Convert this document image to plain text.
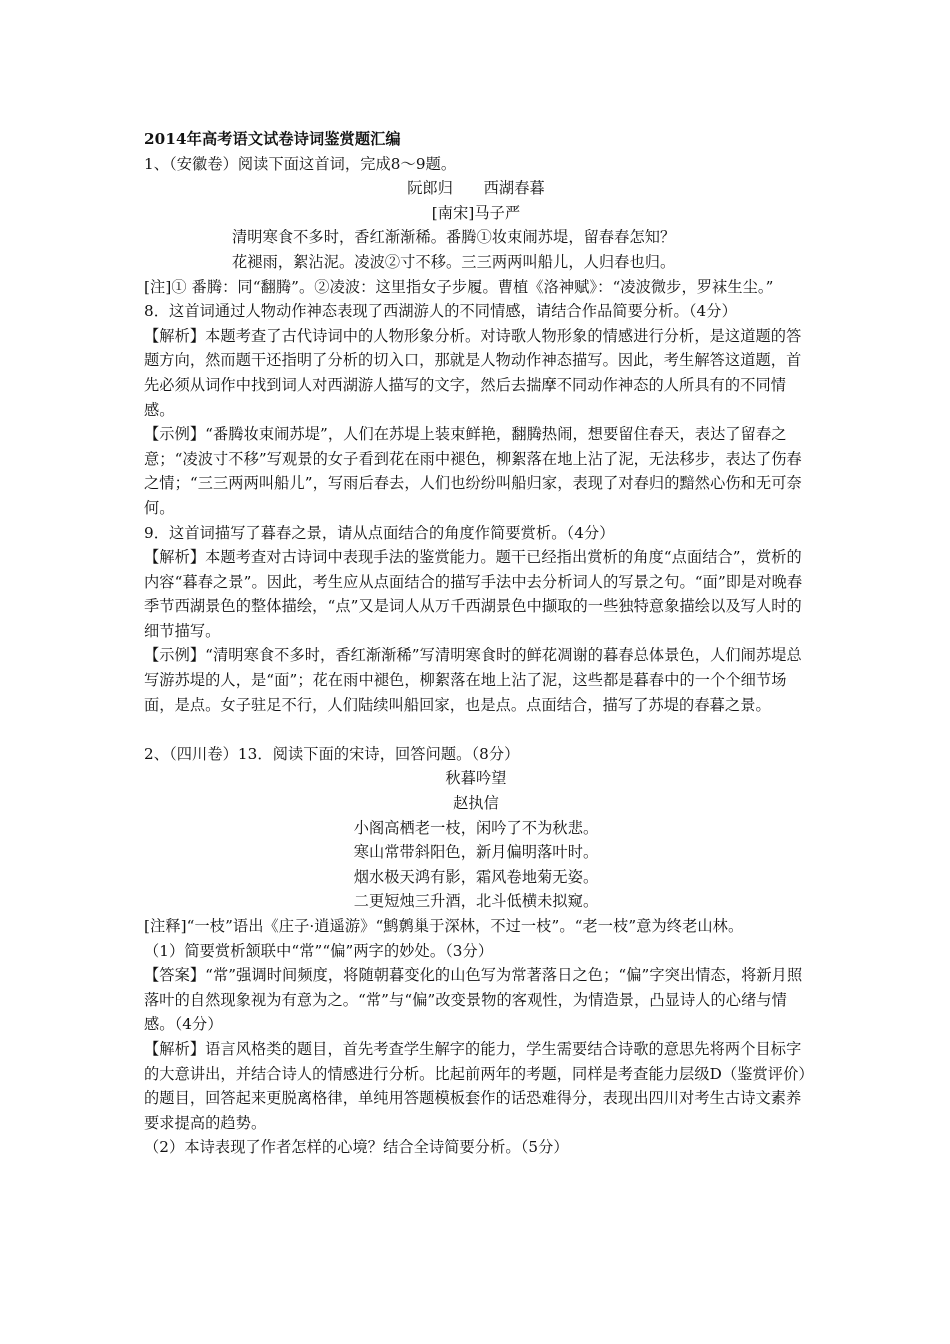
2014年高考语文试卷诗词鉴赏题汇编

1、（安徽卷）阅读下面这首词，完成8～9题。

阮郎归　　西湖春暮

[南宋]马子严

清明寒食不多时，香红渐渐稀。番腾①妆束闹苏堤，留春春怎知？

花褪雨，絮沾泥。凌波②寸不移。三三两两叫船儿，人归春也归。

[注]① 番腾：同“翻腾”。②凌波：这里指女子步履。曹植《洛神赋》：“凌波微步，罗袜生尘。”

8．这首词通过人物动作神态表现了西湖游人的不同情感，请结合作品简要分析。（4分）

【解析】本题考查了古代诗词中的人物形象分析。对诗歌人物形象的情感进行分析，是这道题的答题方向，然而题干还指明了分析的切入口，那就是人物动作神态描写。因此，考生解答这道题，首先必须从词作中找到词人对西湖游人描写的文字，然后去揣摩不同动作神态的人所具有的不同情感。

【示例】“番腾妆束闹苏堤”，人们在苏堤上装束鲜艳，翻腾热闹，想要留住春天，表达了留春之意；“凌波寸不移”写观景的女子看到花在雨中褪色，柳絮落在地上沾了泥，无法移步，表达了伤春之情；“三三两两叫船儿”，写雨后春去，人们也纷纷叫船归家，表现了对春归的黯然心伤和无可奈何。

9．这首词描写了暮春之景，请从点面结合的角度作简要赏析。（4分）

【解析】本题考查对古诗词中表现手法的鉴赏能力。题干已经指出赏析的角度“点面结合”，赏析的内容“暮春之景”。因此，考生应从点面结合的描写手法中去分析词人的写景之句。“面”即是对晚春季节西湖景色的整体描绘，“点”又是词人从万千西湖景色中撷取的一些独特意象描绘以及写人时的细节描写。

【示例】“清明寒食不多时，香红渐渐稀”写清明寒食时的鲜花凋谢的暮春总体景色，人们闹苏堤总写游苏堤的人，是“面”；花在雨中褪色，柳絮落在地上沾了泥，这些都是暮春中的一个个细节场面，是点。女子驻足不行，人们陆续叫船回家，也是点。点面结合，描写了苏堤的春暮之景。

2、（四川卷）13．阅读下面的宋诗，回答问题。（8分）

秋暮吟望

赵执信

小阁高栖老一枝，闲吟了不为秋悲。

寒山常带斜阳色，新月偏明落叶时。

烟水极天鸿有影，霜风卷地菊无姿。

二更短烛三升酒，北斗低横未拟窥。

[注释]“一枝”语出《庄子·逍遥游》“鹪鹩巢于深林，不过一枝”。“老一枝”意为终老山林。

（1）简要赏析颔联中“常”“偏”两字的妙处。（3分）

【答案】“常”强调时间频度，将随朝暮变化的山色写为常著落日之色；“偏”字突出情态，将新月照落叶的自然现象视为有意为之。“常”与“偏”改变景物的客观性，为情造景，凸显诗人的心绪与情感。（4分）

【解析】语言风格类的题目，首先考查学生解字的能力，学生需要结合诗歌的意思先将两个目标字的大意讲出，并结合诗人的情感进行分析。比起前两年的考题，同样是考查能力层级D（鉴赏评价）的题目，回答起来更脱离格律，单纯用答题模板套作的话恐难得分，表现出四川对考生古诗文素养要求提高的趋势。

（2）本诗表现了作者怎样的心境？结合全诗简要分析。（5分）
